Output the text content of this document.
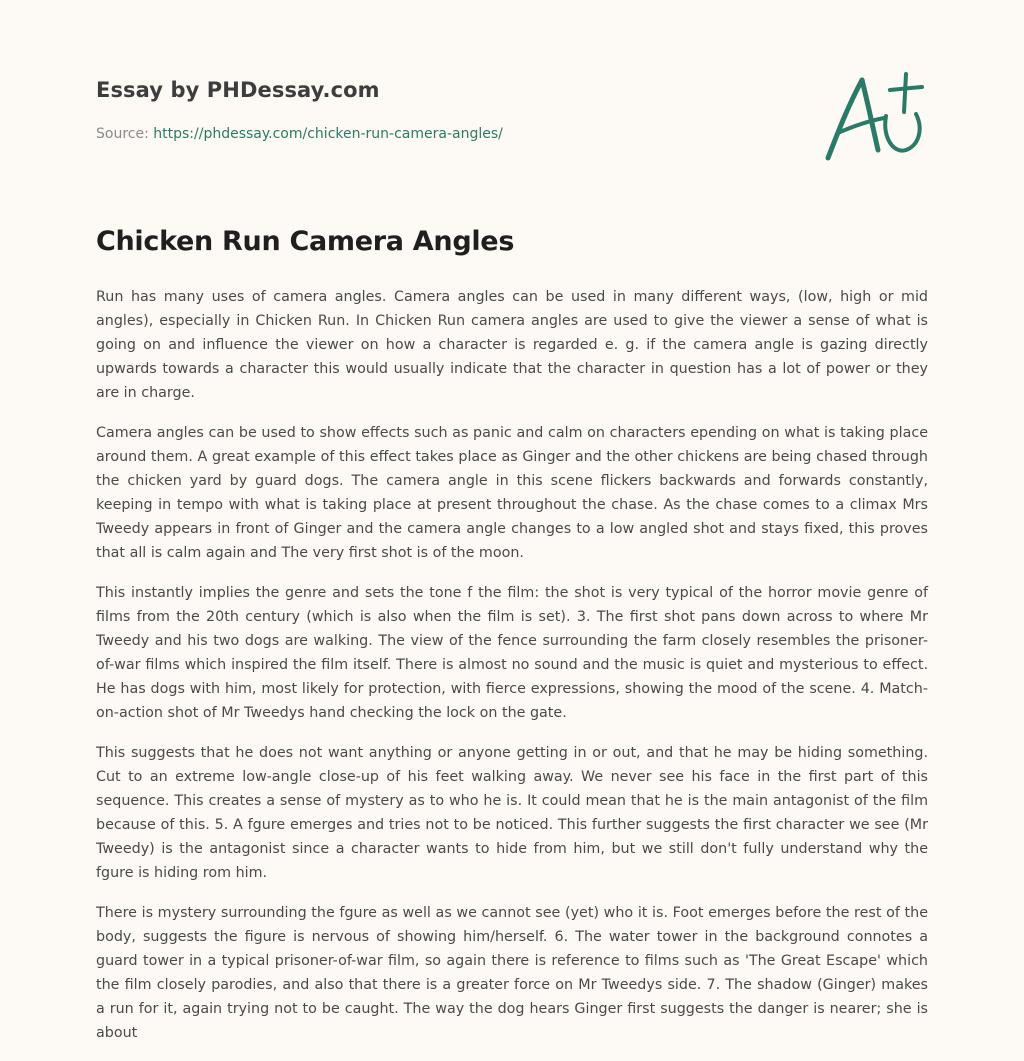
Essay by PHDessay.com
Source: https://phdessay.com/chicken-run-camera-angles/
Chicken Run Camera Angles

Run has many uses of camera angles. Camera angles can be used in many different ways, (low, high or mid angles), especially in Chicken Run. In Chicken Run camera angles are used to give the viewer a sense of what is going on and influence the viewer on how a character is regarded e. g. if the camera angle is gazing directly upwards towards a character this would usually indicate that the character in question has a lot of power or they are in charge.

Camera angles can be used to show effects such as panic and calm on characters epending on what is taking place around them. A great example of this effect takes place as Ginger and the other chickens are being chased through the chicken yard by guard dogs. The camera angle in this scene flickers backwards and forwards constantly, keeping in tempo with what is taking place at present throughout the chase. As the chase comes to a climax Mrs Tweedy appears in front of Ginger and the camera angle changes to a low angled shot and stays fixed, this proves that all is calm again and The very first shot is of the moon.

This instantly implies the genre and sets the tone f the film: the shot is very typical of the horror movie genre of films from the 20th century (which is also when the film is set). 3. The first shot pans down across to where Mr Tweedy and his two dogs are walking. The view of the fence surrounding the farm closely resembles the prisoner-of-war films which inspired the film itself. There is almost no sound and the music is quiet and mysterious to effect. He has dogs with him, most likely for protection, with fierce expressions, showing the mood of the scene. 4. Match-on-action shot of Mr Tweedys hand checking the lock on the gate.

This suggests that he does not want anything or anyone getting in or out, and that he may be hiding something. Cut to an extreme low-angle close-up of his feet walking away. We never see his face in the first part of this sequence. This creates a sense of mystery as to who he is. It could mean that he is the main antagonist of the film because of this. 5. A fgure emerges and tries not to be noticed. This further suggests the first character we see (Mr Tweedy) is the antagonist since a character wants to hide from him, but we still don't fully understand why the fgure is hiding rom him.

There is mystery surrounding the fgure as well as we cannot see (yet) who it is. Foot emerges before the rest of the body, suggests the figure is nervous of showing him/herself. 6. The water tower in the background connotes a guard tower in a typical prisoner-of-war film, so again there is reference to films such as 'The Great Escape' which the film closely parodies, and also that there is a greater force on Mr Tweedys side. 7. The shadow (Ginger) makes a run for it, again trying not to be caught. The way the dog hears Ginger first suggests the danger is nearer; she is about
